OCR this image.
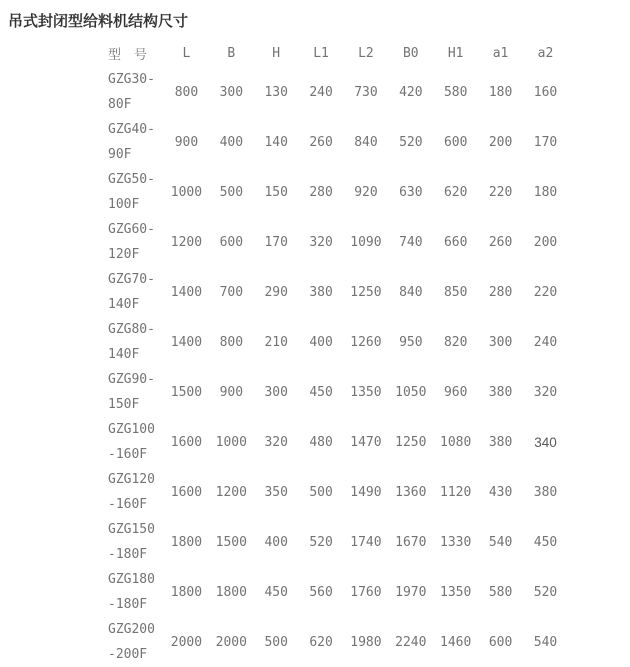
吊式封闭型给料机结构尺寸
型　号	L	B	H	L1	L2	B0	H1	a1	a2

GZG30-80F	800	300	130	240	730	420	580	180	160

GZG40-90F	900	400	140	260	840	520	600	200	170

GZG50-100F	1000	500	150	280	920	630	620	220	180

GZG60-120F	1200	600	170	320	1090	740	660	260	200

GZG70-140F	1400	700	290	380	1250	840	850	280	220

GZG80-140F	1400	800	210	400	1260	950	820	300	240

GZG90-150F	1500	900	300	450	1350	1050	960	380	320

GZG100-160F	1600	1000	320	480	1470	1250	1080	380	340

GZG120-160F	1600	1200	350	500	1490	1360	1120	430	380

GZG150-180F	1800	1500	400	520	1740	1670	1330	540	450

GZG180-180F	1800	1800	450	560	1760	1970	1350	580	520

GZG200-200F	2000	2000	500	620	1980	2240	1460	600	540
